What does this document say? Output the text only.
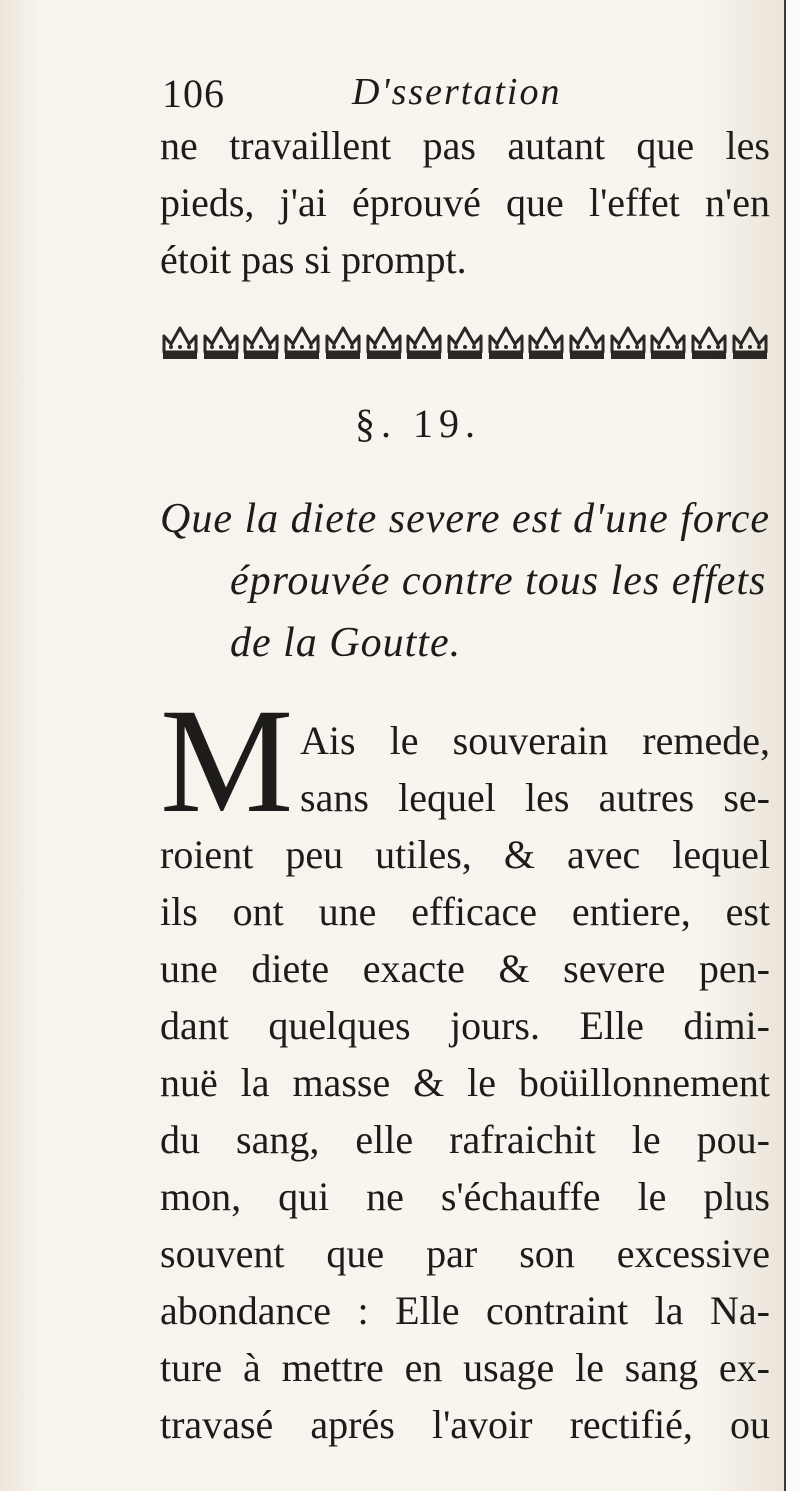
106	D'ssertation
ne travaillent pas autant que les
pieds, j'ai éprouvé que l'effet n'en
étoit pas si prompt.
§. 19.
Que la diete severe est d'une force
éprouvée contre tous les effets
de la Goutte.
M Ais le souverain remede,
sans lequel les autres se-
roient peu utiles, & avec lequel
ils ont une efficace entiere, est
une diete exacte & severe pen-
dant quelques jours. Elle dimi-
nuë la masse & le boüillonnement
du sang, elle rafraichit le pou-
mon, qui ne s'échauffe le plus
souvent que par son excessive
abondance : Elle contraint la Na-
ture à mettre en usage le sang ex-
travasé aprés l'avoir rectifié, ou
